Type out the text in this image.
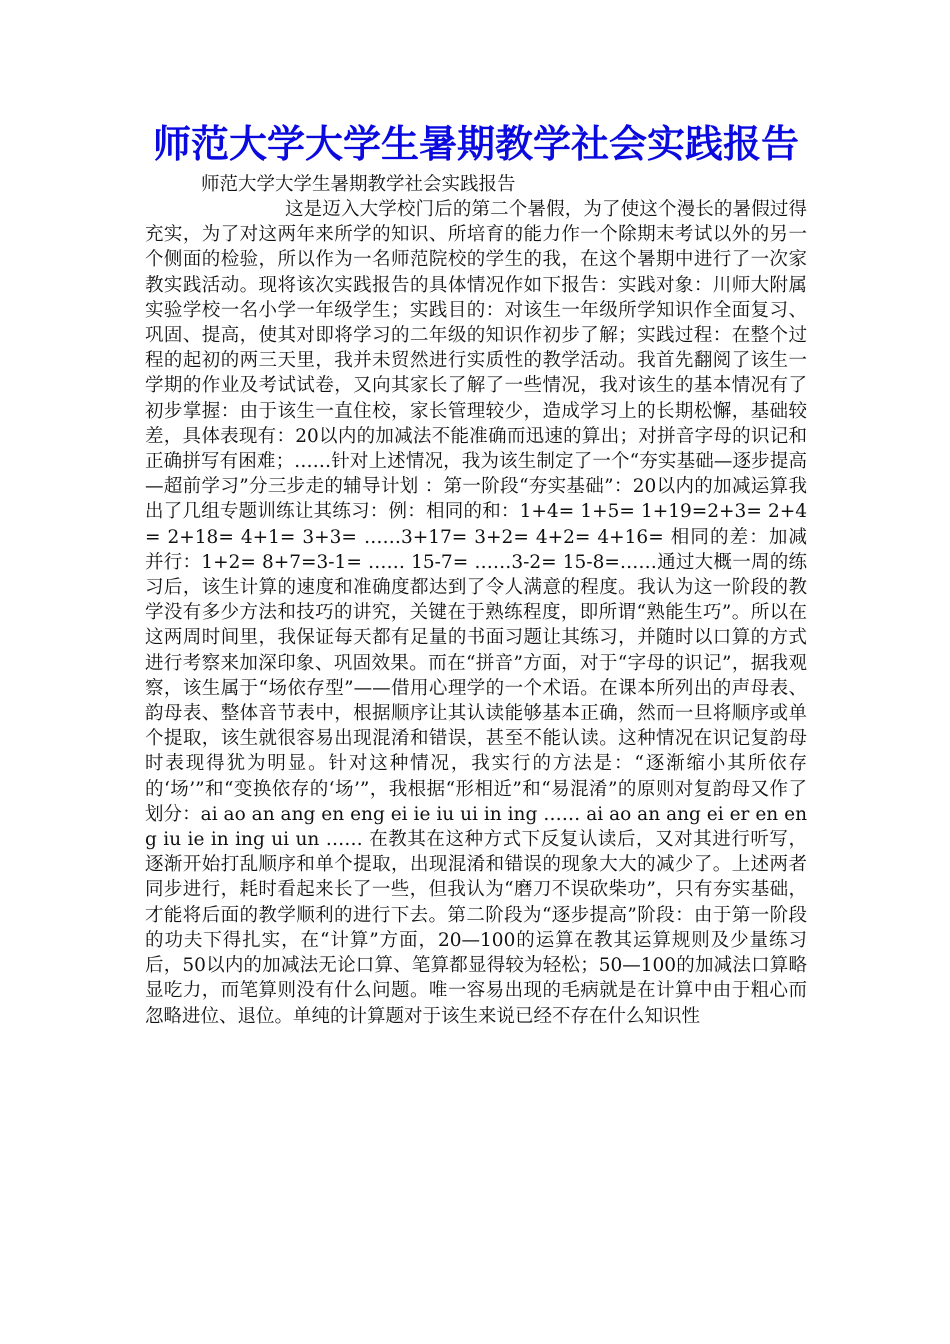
师范大学大学生暑期教学社会实践报告
师范大学大学生暑期教学社会实践报告

这是迈入大学校门后的第二个暑假，为了使这个漫长的暑假过得充实，为了对这两年来所学的知识、所培育的能力作一个除期末考试以外的另一个侧面的检验，所以作为一名师范院校的学生的我，在这个暑期中进行了一次家教实践活动。现将该次实践报告的具体情况作如下报告：实践对象：川师大附属实验学校一名小学一年级学生；实践目的：对该生一年级所学知识作全面复习、巩固、提高，使其对即将学习的二年级的知识作初步了解；实践过程：在整个过程的起初的两三天里，我并未贸然进行实质性的教学活动。我首先翻阅了该生一学期的作业及考试试卷，又向其家长了解了一些情况，我对该生的基本情况有了初步掌握：由于该生一直住校，家长管理较少，造成学习上的长期松懈，基础较差，具体表现有：20以内的加减法不能准确而迅速的算出；对拼音字母的识记和正确拼写有困难；……针对上述情况，我为该生制定了一个“夯实基础—逐步提高—超前学习”分三步走的辅导计划 ：第一阶段“夯实基础”：20以内的加减运算我出了几组专题训练让其练习：例：相同的和：1+4= 1+5= 1+19=2+3= 2+4= 2+18= 4+1= 3+3= ……3+17= 3+2= 4+2= 4+16= 相同的差：加减并行：1+2= 8+7=3-1= …… 15-7= ……3-2= 15-8=……通过大概一周的练习后，该生计算的速度和准确度都达到了令人满意的程度。我认为这一阶段的教学没有多少方法和技巧的讲究，关键在于熟练程度，即所谓“熟能生巧”。所以在这两周时间里，我保证每天都有足量的书面习题让其练习，并随时以口算的方式进行考察来加深印象、巩固效果。而在“拼音”方面，对于“字母的识记”，据我观察，该生属于“场依存型”——借用心理学的一个术语。在课本所列出的声母表、韵母表、整体音节表中，根据顺序让其认读能够基本正确，然而一旦将顺序或单个提取，该生就很容易出现混淆和错误，甚至不能认读。这种情况在识记复韵母时表现得犹为明显。针对这种情况，我实行的方法是：“逐渐缩小其所依存的‘场’”和“变换依存的‘场’”，我根据“形相近”和“易混淆”的原则对复韵母又作了划分：ai ao an ang en eng ei ie iu ui in ing …… ai ao an ang ei er en eng iu ie in ing ui un …… 在教其在这种方式下反复认读后，又对其进行听写，逐渐开始打乱顺序和单个提取，出现混淆和错误的现象大大的减少了。上述两者同步进行，耗时看起来长了一些，但我认为“磨刀不误砍柴功”，只有夯实基础，才能将后面的教学顺利的进行下去。第二阶段为“逐步提高”阶段：由于第一阶段的功夫下得扎实，在“计算”方面，20—100的运算在教其运算规则及少量练习后，50以内的加减法无论口算、笔算都显得较为轻松；50—100的加减法口算略显吃力，而笔算则没有什么问题。唯一容易出现的毛病就是在计算中由于粗心而忽略进位、退位。单纯的计算题对于该生来说已经不存在什么知识性
